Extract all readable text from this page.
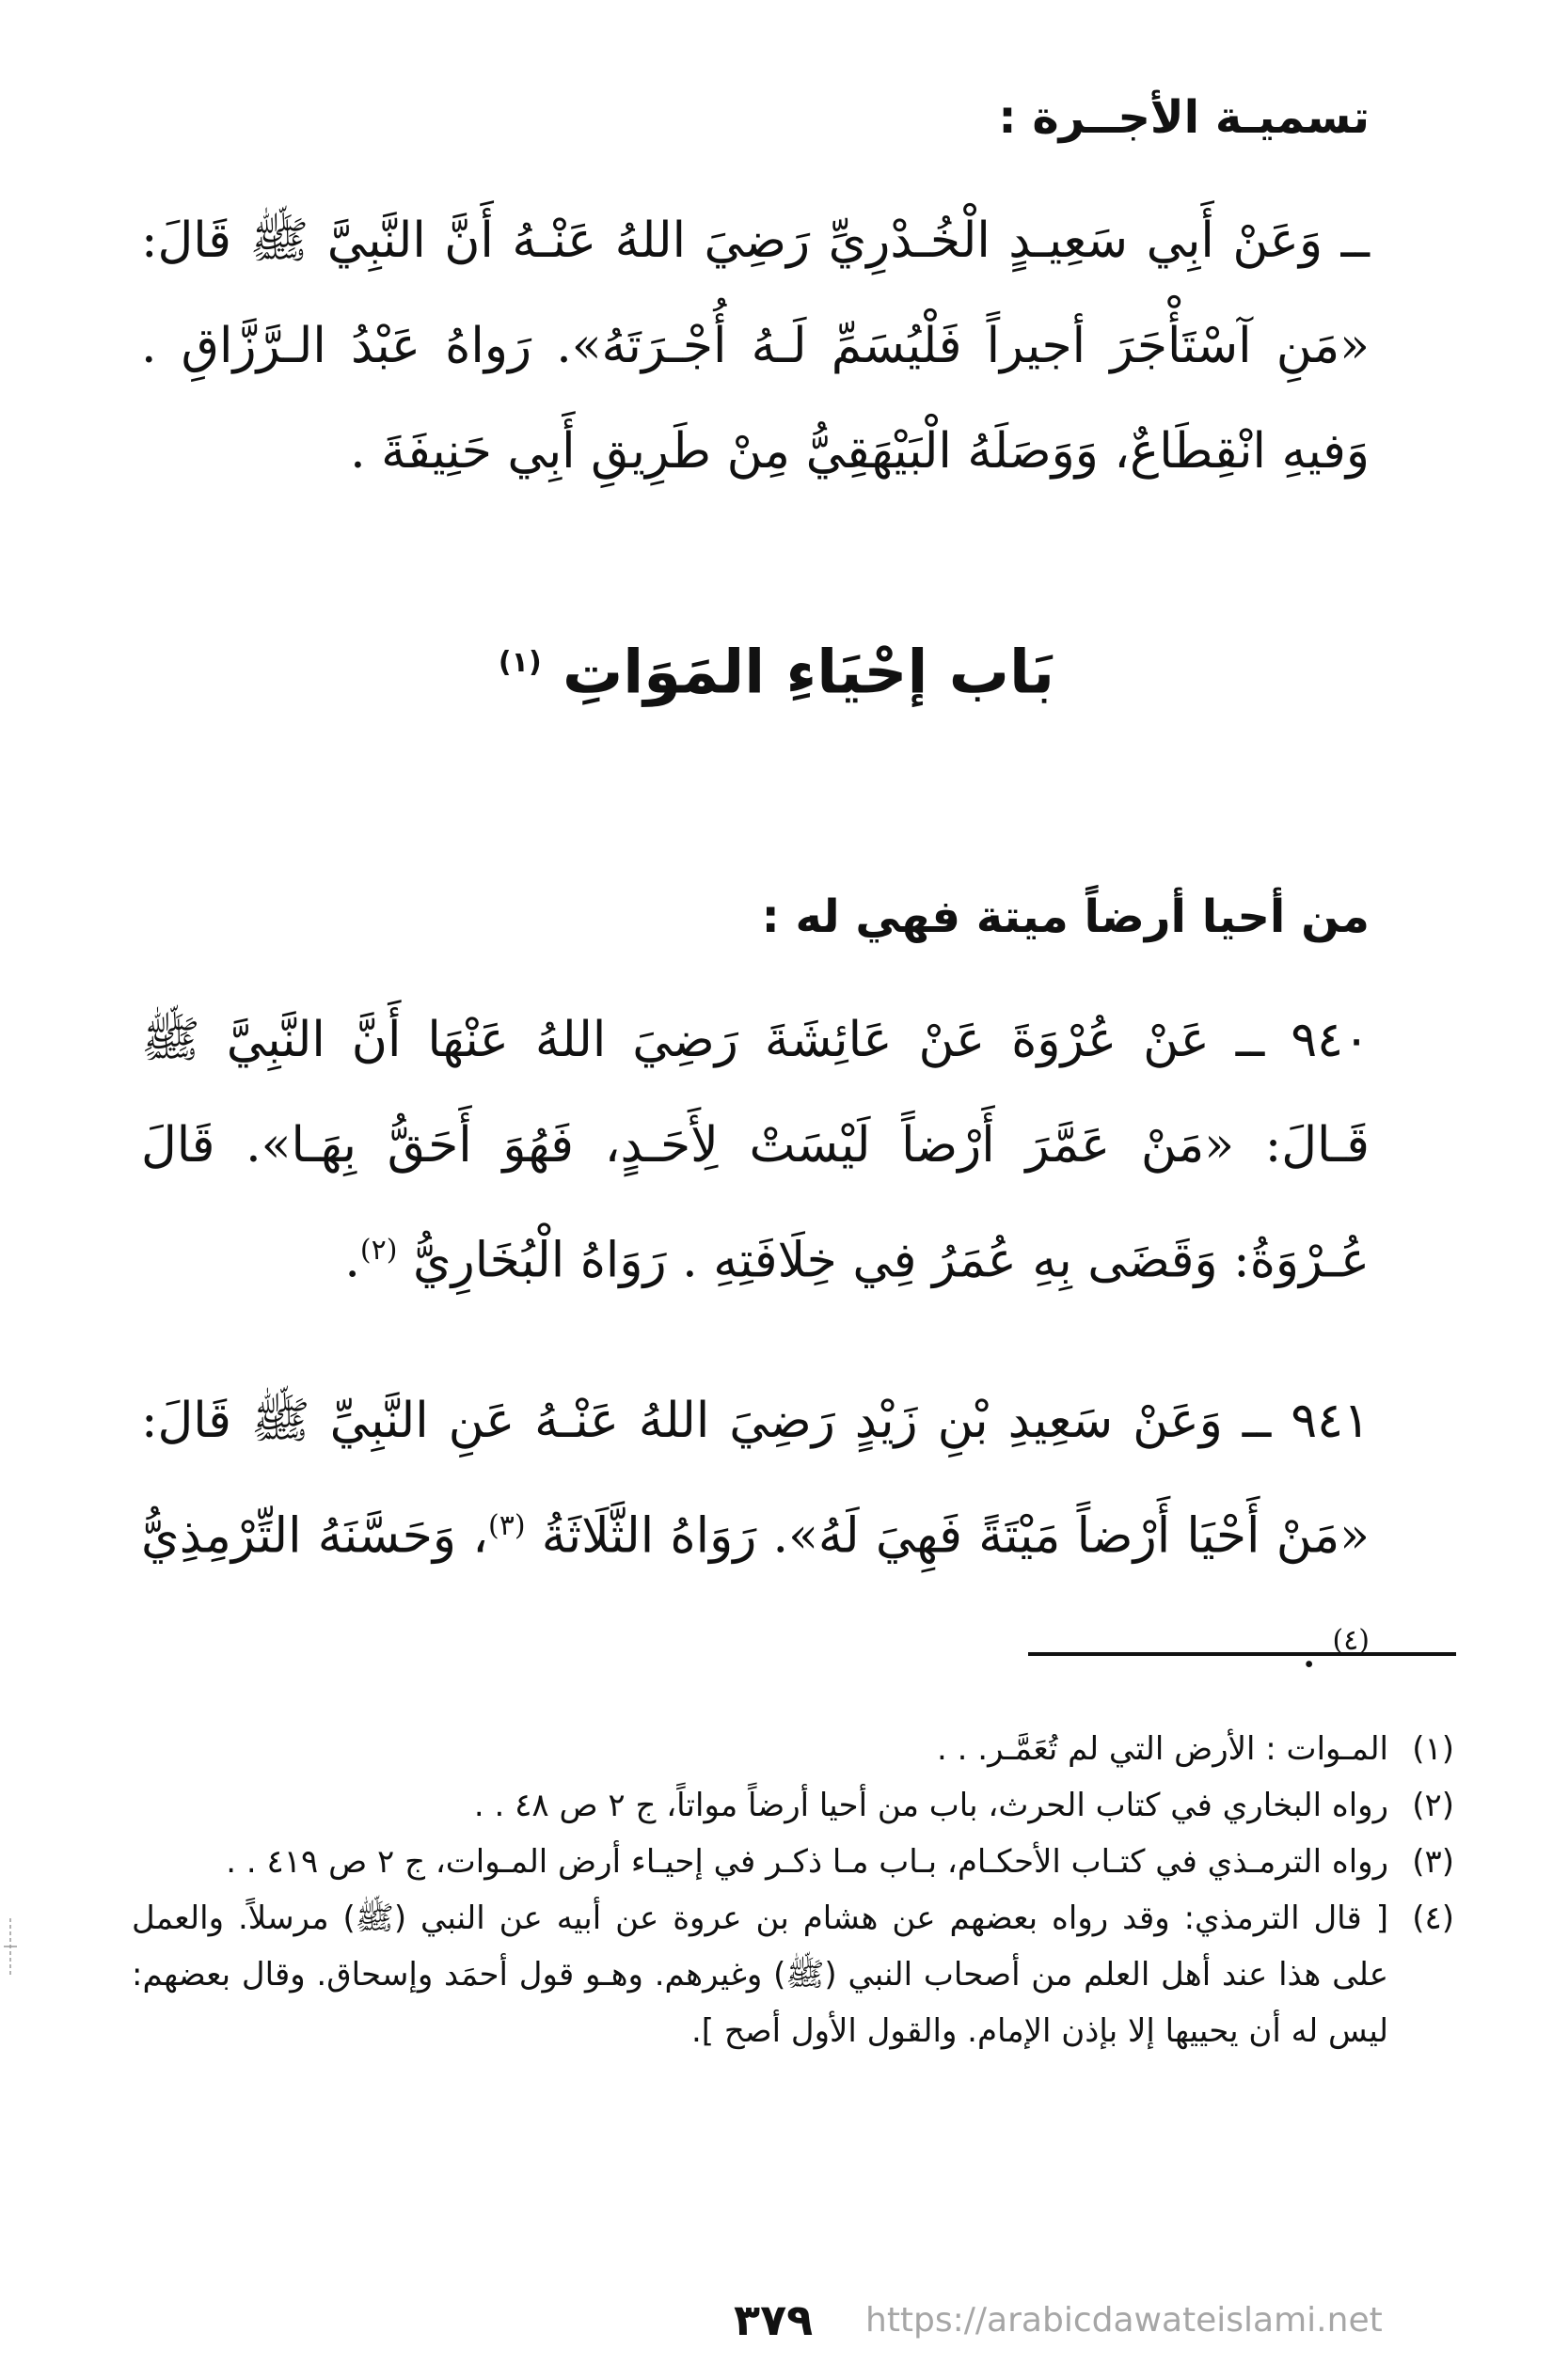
تسميـة الأجــرة :

ــ وَعَنْ أَبِي سَعِيـدٍ الْخُـدْرِيِّ رَضِيَ اللهُ عَنْـهُ أَنَّ النَّبِيَّ ﷺ قَالَ: «مَنِ آسْتَأْجَرَ أجيراً فَلْيُسَمِّ لَـهُ أُجْـرَتَهُ». رَواهُ عَبْدُ الـرَّزَّاقِ . وَفيهِ انْقِطَاعٌ، وَوَصَلَهُ الْبَيْهَقِيُّ مِنْ طَرِيقِ أَبِي حَنِيفَةَ .

بَاب إحْيَاءِ المَوَاتِ $^{(١)}$
من أحيا أرضاً ميتة فهي له :

٩٤٠ ــ عَنْ عُرْوَةَ عَنْ عَائِشَةَ رَضِيَ اللهُ عَنْهَا أَنَّ النَّبِيَّ ﷺ قَـالَ: «مَنْ عَمَّرَ أَرْضاً لَيْسَتْ لِأَحَـدٍ، فَهُوَ أَحَقُّ بِهَـا». قَالَ عُـرْوَةُ: وَقَضَى بِهِ عُمَرُ فِي خِلَافَتِهِ . رَوَاهُ الْبُخَارِيُّ $^{(٢)}$.

٩٤١ ــ وَعَنْ سَعِيدِ بْنِ زَيْدٍ رَضِيَ اللهُ عَنْـهُ عَنِ النَّبِيِّ ﷺ قَالَ: «مَنْ أَحْيَا أَرْضاً مَيْتَةً فَهِيَ لَهُ». رَوَاهُ الثَّلَاثَةُ $^{(٣)}$، وَحَسَّنَهُ التِّرْمِذِيُّ $^{(٤)}$ .

(١)
المـوات : الأرض التي لم تُعَمَّـر. . .
(٢)
رواه البخاري في كتاب الحرث، باب من أحيا أرضاً مواتاً، ج ٢ ص ٤٨ . .
(٣)
رواه الترمـذي في كتـاب الأحكـام، بـاب مـا ذكـر في إحيـاء أرض المـوات، ج ٢ ص ٤١٩ . .
(٤)
[ قال الترمذي: وقد رواه بعضهم عن هشام بن عروة عن أبيه عن النبي (ﷺ) مرسلاً. والعمل على هذا عند أهل العلم من أصحاب النبي (ﷺ) وغيرهم. وهـو قول أحمَد وإسحاق. وقال بعضهم: ليس له أن يحييها إلا بإذن الإمام. والقول الأول أصح ].
٣٧٩ https://arabicdawateislami.net
